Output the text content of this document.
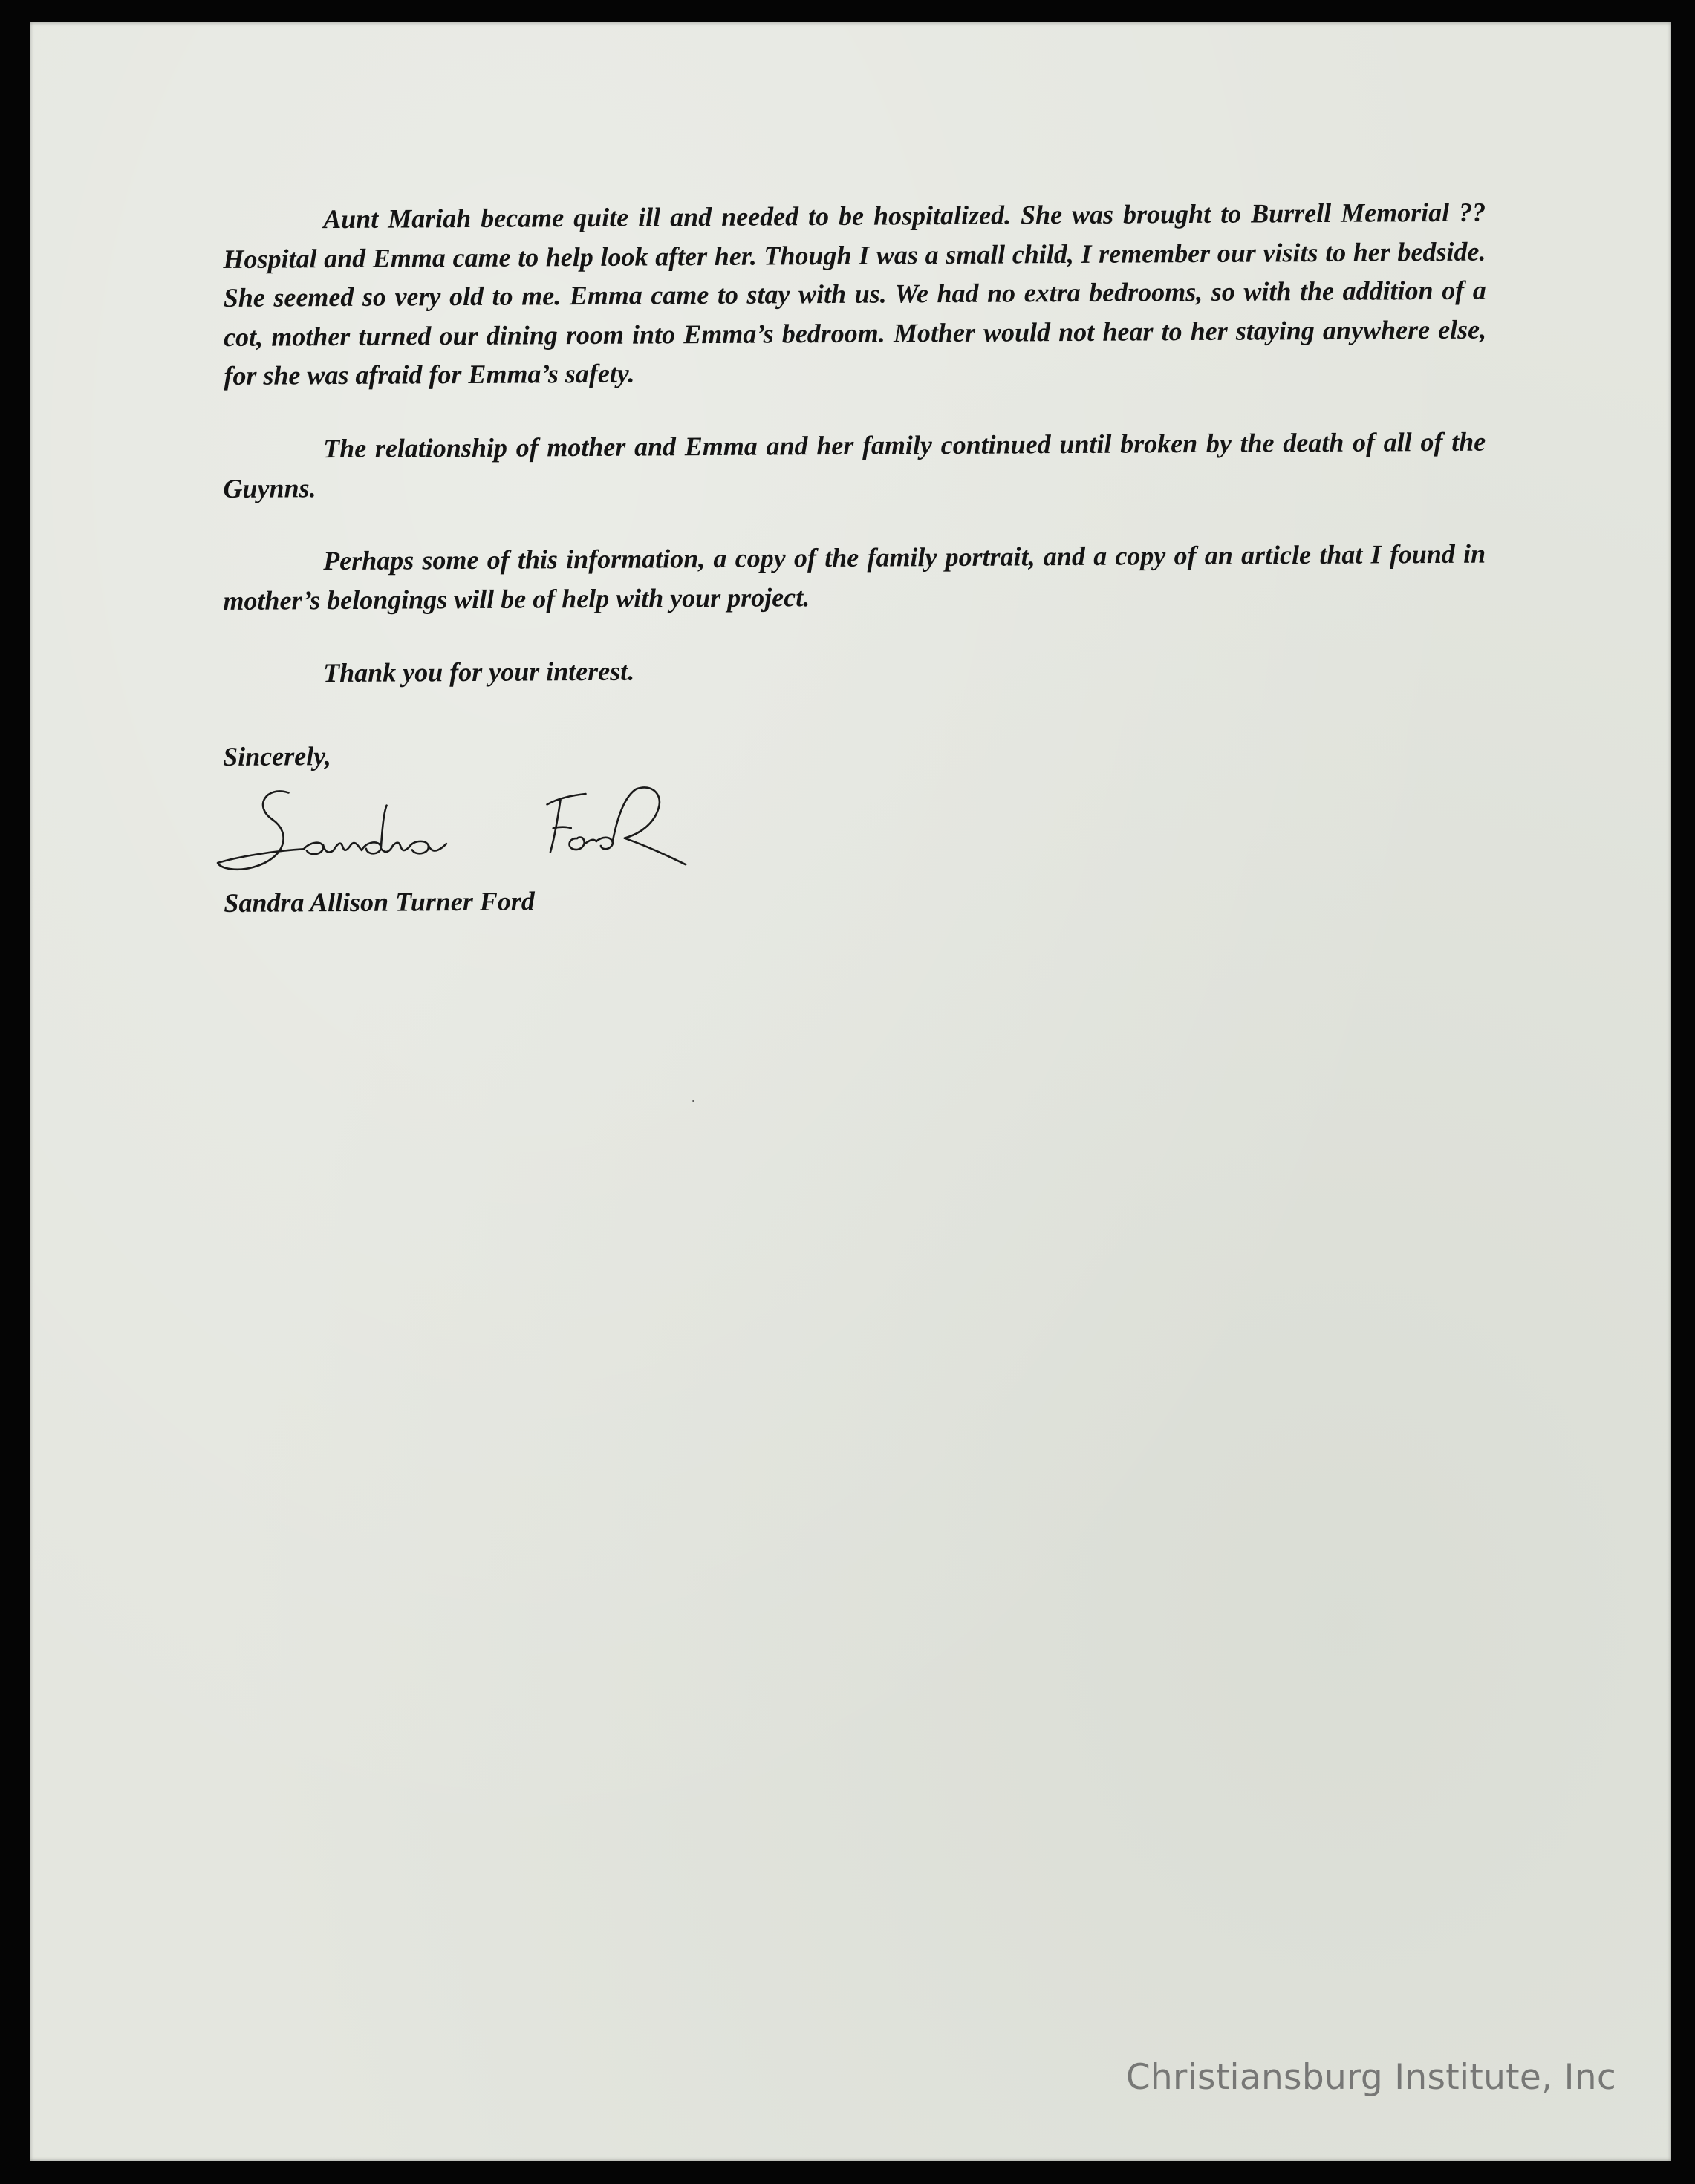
Aunt Mariah became quite ill and needed to be hospitalized. She was brought to Burrell Memorial ?? Hospital and Emma came to help look after her. Though I was a small child, I remember our visits to her bedside. She seemed so very old to me. Emma came to stay with us. We had no extra bedrooms, so with the addition of a cot, mother turned our dining room into Emma’s bedroom. Mother would not hear to her staying anywhere else, for she was afraid for Emma’s safety.

The relationship of mother and Emma and her family continued until broken by the death of all of the Guynns.

Perhaps some of this information, a copy of the family portrait, and a copy of an article that I found in mother’s belongings will be of help with your project.

Thank you for your interest.

Sincerely,
Sandra Allison Turner Ford
Christiansburg Institute, Inc
